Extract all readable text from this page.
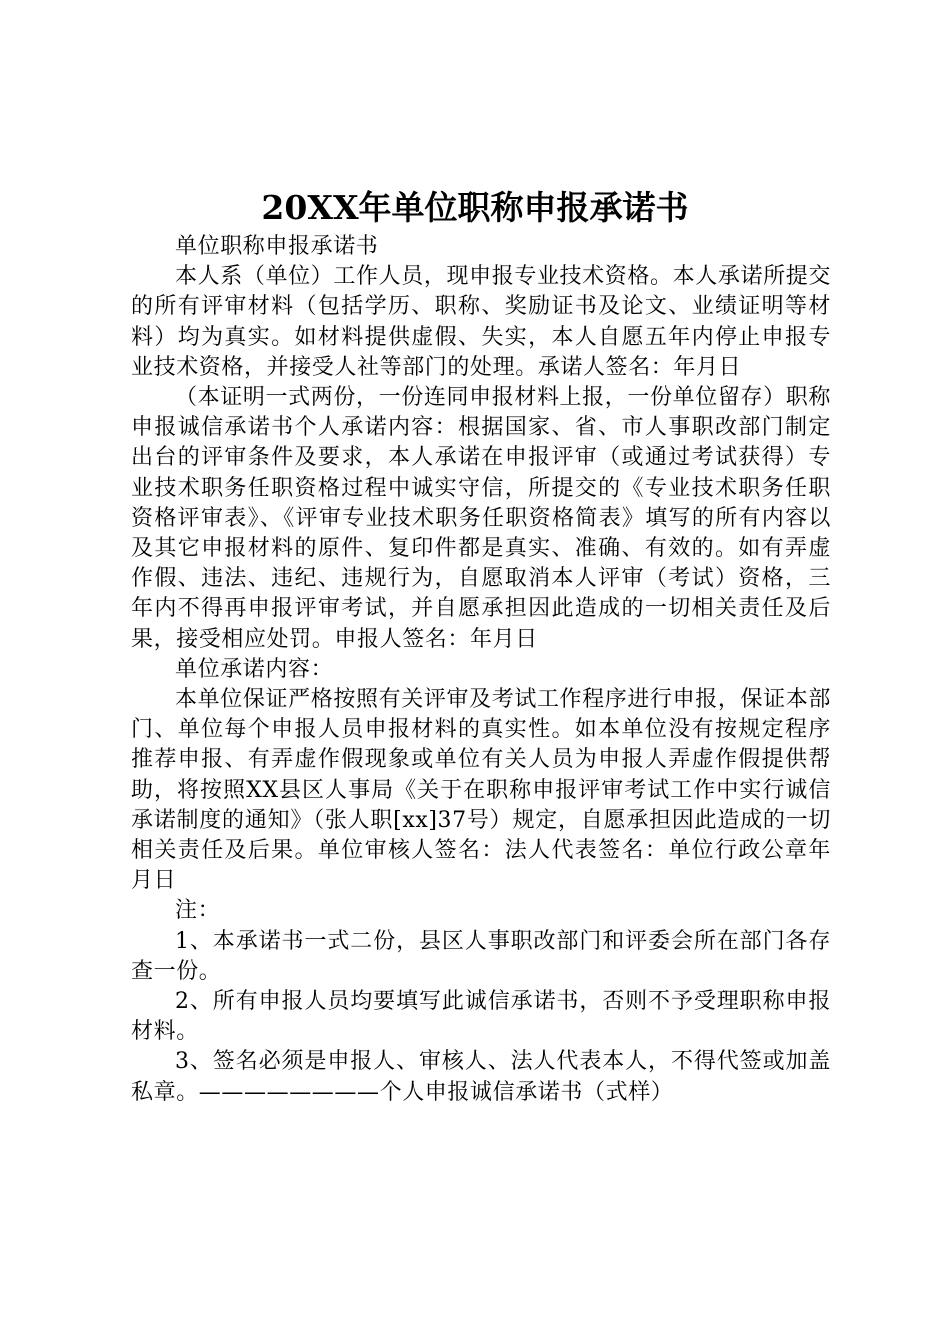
20XX年单位职称申报承诺书

单位职称申报承诺书

本人系（单位）工作人员，现申报专业技术资格。本人承诺所提交的所有评审材料（包括学历、职称、奖励证书及论文、业绩证明等材料）均为真实。如材料提供虚假、失实，本人自愿五年内停止申报专业技术资格，并接受人社等部门的处理。承诺人签名：年月日

（本证明一式两份，一份连同申报材料上报，一份单位留存）职称申报诚信承诺书个人承诺内容：根据国家、省、市人事职改部门制定出台的评审条件及要求，本人承诺在申报评审（或通过考试获得）专业技术职务任职资格过程中诚实守信，所提交的《专业技术职务任职资格评审表》、《评审专业技术职务任职资格简表》填写的所有内容以及其它申报材料的原件、复印件都是真实、准确、有效的。如有弄虚作假、违法、违纪、违规行为，自愿取消本人评审（考试）资格，三年内不得再申报评审考试，并自愿承担因此造成的一切相关责任及后果，接受相应处罚。申报人签名：年月日

单位承诺内容：

本单位保证严格按照有关评审及考试工作程序进行申报，保证本部门、单位每个申报人员申报材料的真实性。如本单位没有按规定程序推荐申报、有弄虚作假现象或单位有关人员为申报人弄虚作假提供帮助，将按照XX县区人事局《关于在职称申报评审考试工作中实行诚信承诺制度的通知》（张人职[xx]37号）规定，自愿承担因此造成的一切相关责任及后果。单位审核人签名：法人代表签名：单位行政公章年月日

注：

1、本承诺书一式二份，县区人事职改部门和评委会所在部门各存查一份。

2、所有申报人员均要填写此诚信承诺书，否则不予受理职称申报材料。

3、签名必须是申报人、审核人、法人代表本人，不得代签或加盖私章。————————个人申报诚信承诺书（式样）
